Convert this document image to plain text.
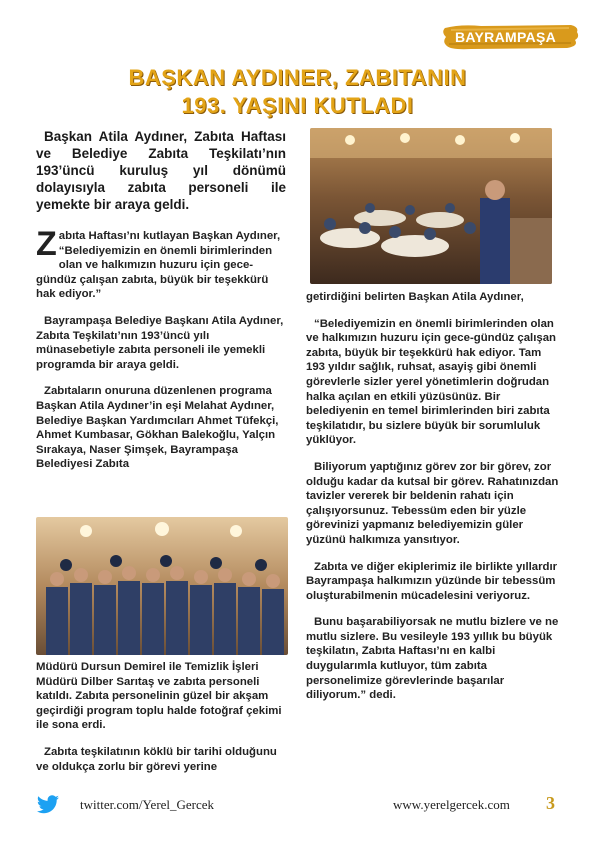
BAYRAMPAŞA
BAŞKAN AYDINER, ZABITANIN
193. YAŞINI KUTLADI

Başkan Atila Aydıner, Zabıta Haftası ve Belediye Zabıta Teşkilatı’nın 193’üncü kuruluş yıl dönümü dolayısıyla zabıta personeli ile yemekte bir araya geldi.

Zabıta Haftası’nı kutlayan Başkan Aydıner, “Belediyemizin en önemli birimlerinden olan ve halkımızın huzuru için gece-gündüz çalışan zabıta, büyük bir teşekkürü hak ediyor.”

Bayrampaşa Belediye Başkanı Atila Aydıner, Zabıta Teşkilatı’nın 193’üncü yılı münasebetiyle zabıta personeli ile yemekli programda bir araya geldi.

Zabıtaların onuruna düzenlenen programa Başkan Atila Aydıner’in eşi Melahat Aydıner, Belediye Başkan Yardımcıları Ahmet Tüfekçi, Ahmet Kumbasar, Gökhan Balekoğlu, Yalçın Sırakaya, Naser Şimşek, Bayrampaşa Belediyesi Zabıta

Müdürü Dursun Demirel ile Temizlik İşleri Müdürü Dilber Sarıtaş ve zabıta personeli katıldı. Zabıta personelinin güzel bir akşam geçirdiği program toplu halde fotoğraf çekimi ile sona erdi.

Zabıta teşkilatının köklü bir tarihi olduğunu ve oldukça zorlu bir görevi yerine

getirdiğini belirten Başkan Atila Aydıner,

“Belediyemizin en önemli birimlerinden olan ve halkımızın huzuru için gece-gündüz çalışan zabıta, büyük bir teşekkürü hak ediyor. Tam 193 yıldır sağlık, ruhsat, asayiş gibi önemli görevlerle sizler yerel yönetimlerin doğrudan halka açılan en etkili yüzüsünüz. Bir belediyenin en temel birimlerinden biri zabıta teşkilatıdır, bu sizlere büyük bir sorumluluk yüklüyor.

Biliyorum yaptığınız görev zor bir görev, zor olduğu kadar da kutsal bir görev. Rahatınızdan tavizler vererek bir beldenin rahatı için çalışıyorsunuz. Tebessüm eden bir yüzle görevinizi yapmanız belediyemizin güler yüzünü halkımıza yansıtıyor.

Zabıta ve diğer ekiplerimiz ile birlikte yıllardır Bayrampaşa halkımızın yüzünde bir tebessüm oluşturabilmenin mücadelesini veriyoruz.

Bunu başarabiliyorsak ne mutlu bizlere ve ne mutlu sizlere. Bu vesileyle 193 yıllık bu büyük teşkilatın, Zabıta Haftası’nı en kalbi duygularımla kutluyor, tüm zabıta personelimize görevlerinde başarılar diliyorum.” dedi.

twitter.com/Yerel_Gercek	www.yerelgercek.com 3
